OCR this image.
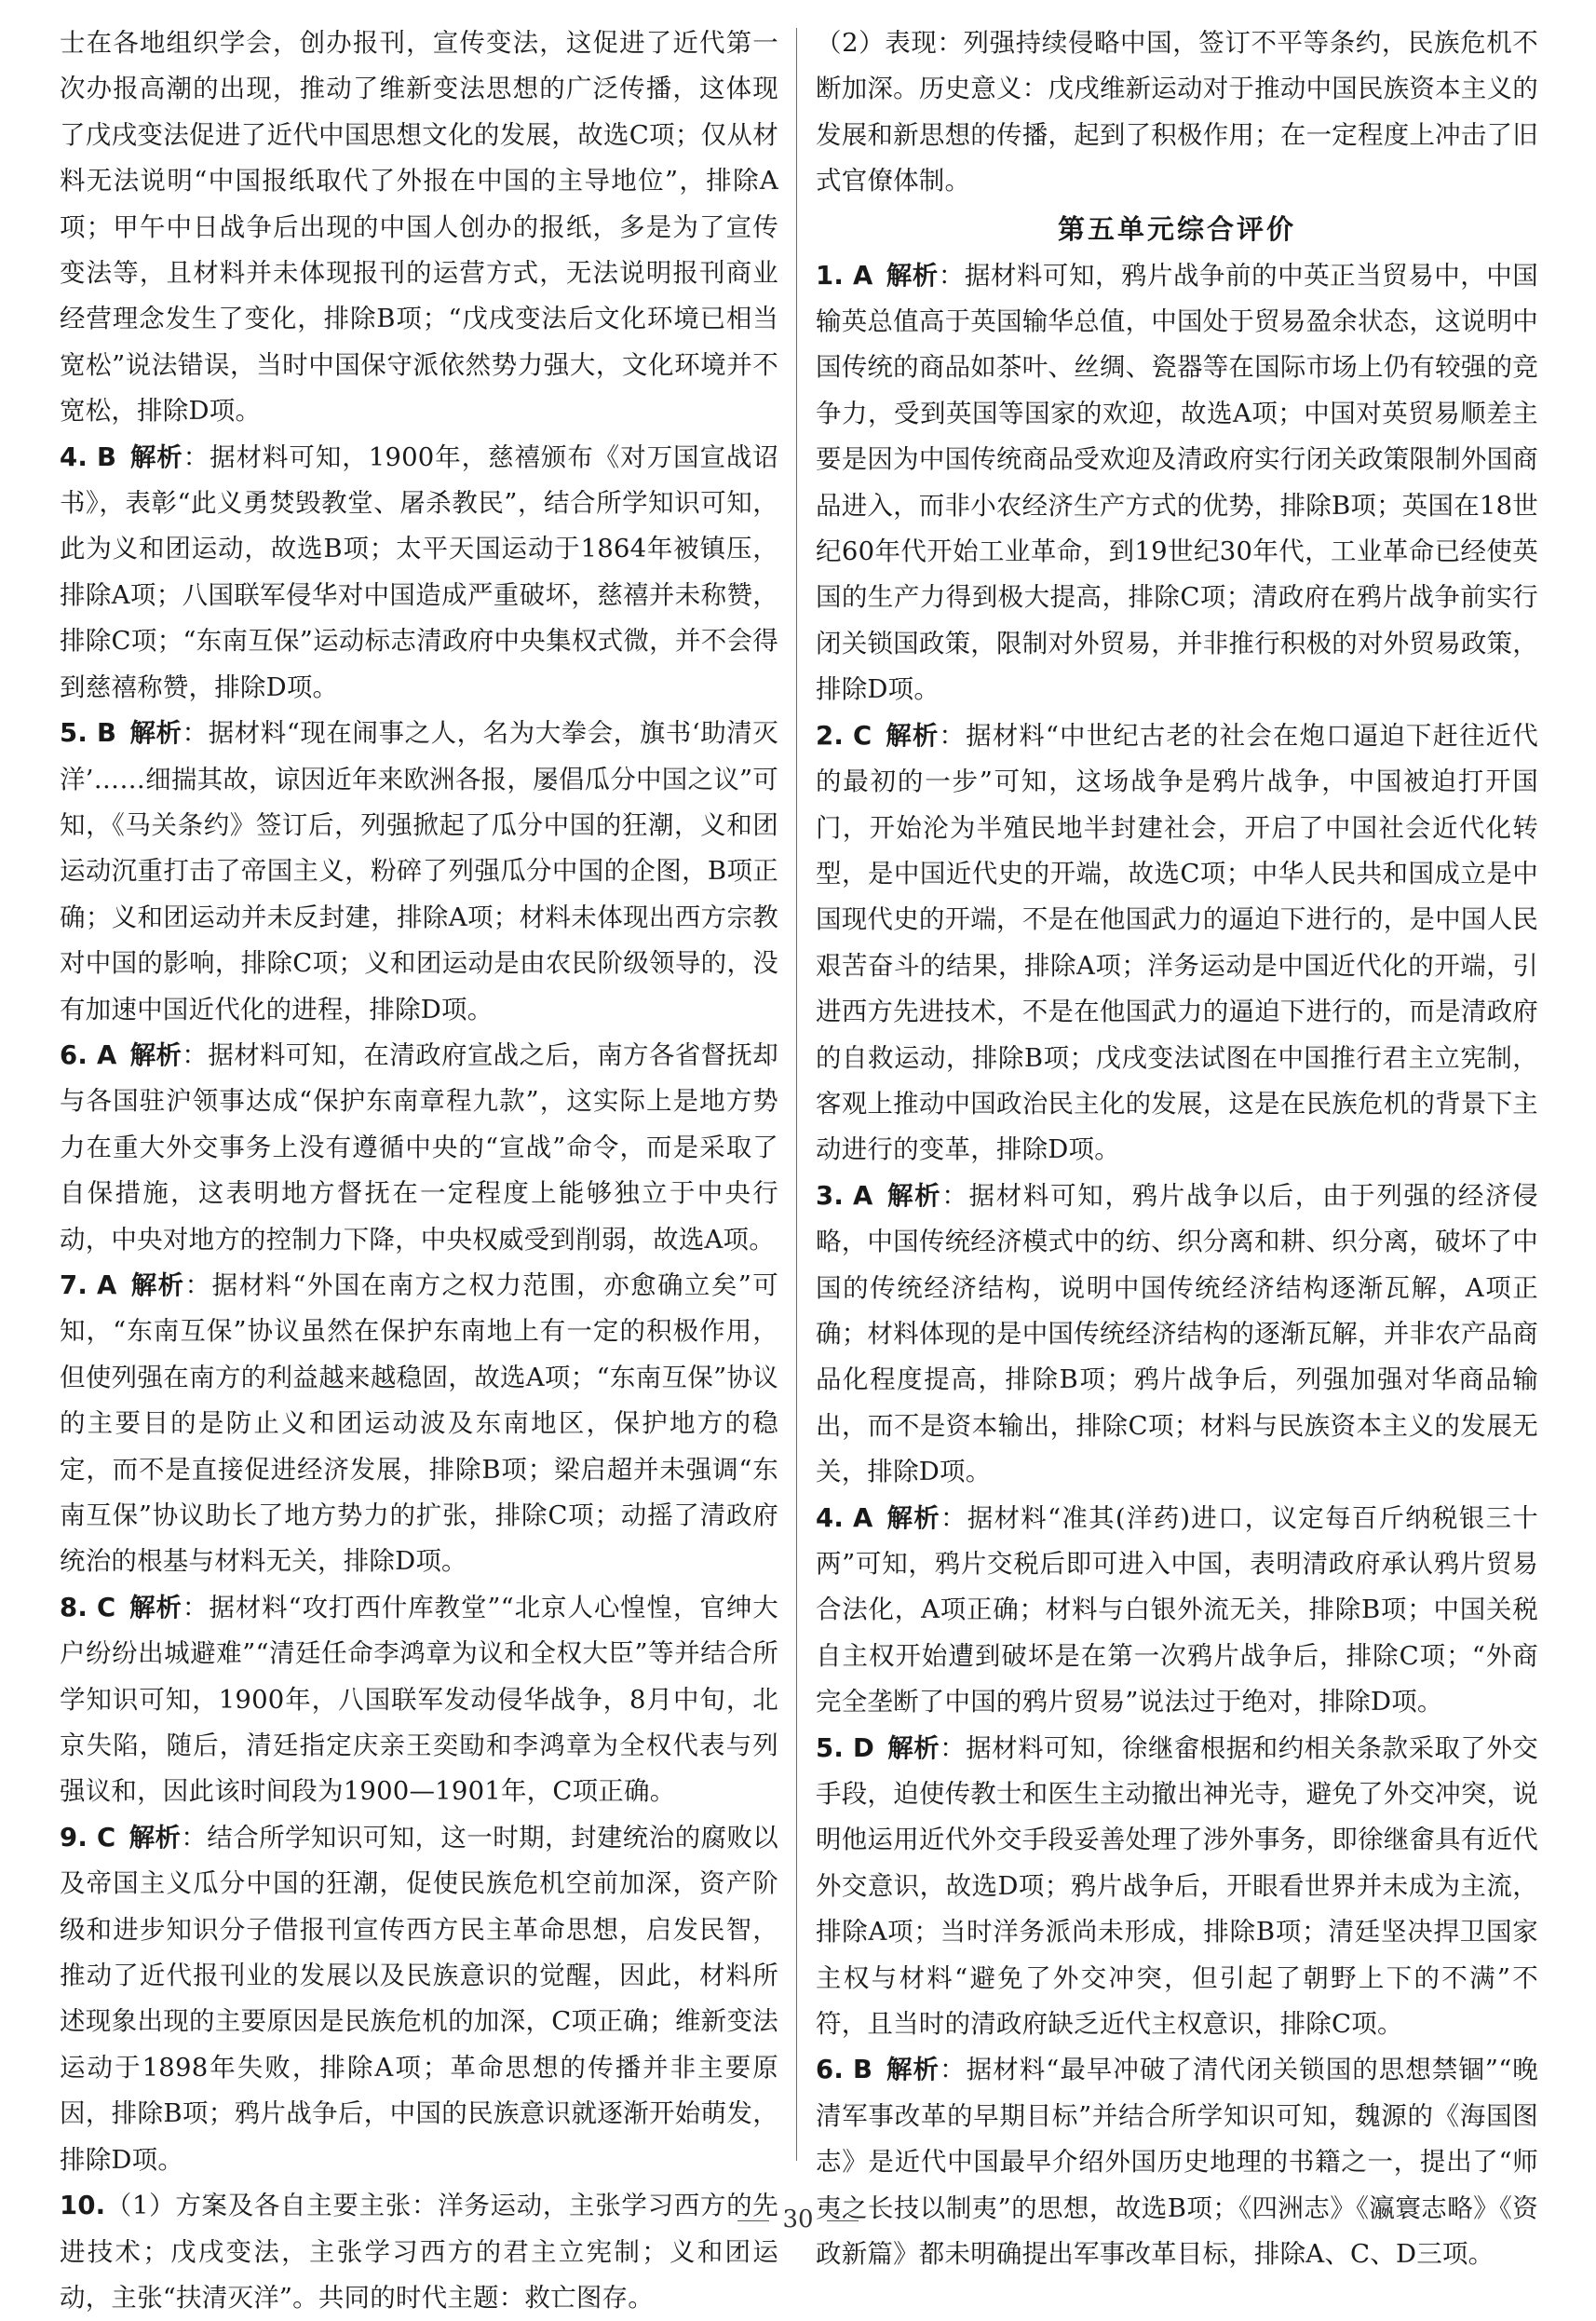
士在各地组织学会，创办报刊，宣传变法，这促进了近代第一次办报高潮的出现，推动了维新变法思想的广泛传播，这体现了戊戌变法促进了近代中国思想文化的发展，故选C项；仅从材料无法说明“中国报纸取代了外报在中国的主导地位”，排除A项；甲午中日战争后出现的中国人创办的报纸，多是为了宣传变法等，且材料并未体现报刊的运营方式，无法说明报刊商业经营理念发生了变化，排除B项；“戊戌变法后文化环境已相当宽松”说法错误，当时中国保守派依然势力强大，文化环境并不宽松，排除D项。

4. B 解析：据材料可知，1900年，慈禧颁布《对万国宣战诏书》，表彰“此义勇焚毁教堂、屠杀教民”，结合所学知识可知，此为义和团运动，故选B项；太平天国运动于1864年被镇压，排除A项；八国联军侵华对中国造成严重破坏，慈禧并未称赞，排除C项；“东南互保”运动标志清政府中央集权式微，并不会得到慈禧称赞，排除D项。

5. B 解析：据材料“现在闹事之人，名为大拳会，旗书‘助清灭洋’……细揣其故，谅因近年来欧洲各报，屡倡瓜分中国之议”可知，《马关条约》签订后，列强掀起了瓜分中国的狂潮，义和团运动沉重打击了帝国主义，粉碎了列强瓜分中国的企图，B项正确；义和团运动并未反封建，排除A项；材料未体现出西方宗教对中国的影响，排除C项；义和团运动是由农民阶级领导的，没有加速中国近代化的进程，排除D项。

6. A 解析：据材料可知，在清政府宣战之后，南方各省督抚却与各国驻沪领事达成“保护东南章程九款”，这实际上是地方势力在重大外交事务上没有遵循中央的“宣战”命令，而是采取了自保措施，这表明地方督抚在一定程度上能够独立于中央行动，中央对地方的控制力下降，中央权威受到削弱，故选A项。

7. A 解析：据材料“外国在南方之权力范围，亦愈确立矣”可知，“东南互保”协议虽然在保护东南地上有一定的积极作用，但使列强在南方的利益越来越稳固，故选A项；“东南互保”协议的主要目的是防止义和团运动波及东南地区，保护地方的稳定，而不是直接促进经济发展，排除B项；梁启超并未强调“东南互保”协议助长了地方势力的扩张，排除C项；动摇了清政府统治的根基与材料无关，排除D项。

8. C 解析：据材料“攻打西什库教堂”“北京人心惶惶，官绅大户纷纷出城避难”“清廷任命李鸿章为议和全权大臣”等并结合所学知识可知，1900年，八国联军发动侵华战争，8月中旬，北京失陷，随后，清廷指定庆亲王奕劻和李鸿章为全权代表与列强议和，因此该时间段为1900—1901年，C项正确。

9. C 解析：结合所学知识可知，这一时期，封建统治的腐败以及帝国主义瓜分中国的狂潮，促使民族危机空前加深，资产阶级和进步知识分子借报刊宣传西方民主革命思想，启发民智，推动了近代报刊业的发展以及民族意识的觉醒，因此，材料所述现象出现的主要原因是民族危机的加深，C项正确；维新变法运动于1898年失败，排除A项；革命思想的传播并非主要原因，排除B项；鸦片战争后，中国的民族意识就逐渐开始萌发，排除D项。

10.（1）方案及各自主要主张：洋务运动，主张学习西方的先进技术；戊戌变法，主张学习西方的君主立宪制；义和团运动，主张“扶清灭洋”。共同的时代主题：救亡图存。

（2）表现：列强持续侵略中国，签订不平等条约，民族危机不断加深。历史意义：戊戌维新运动对于推动中国民族资本主义的发展和新思想的传播，起到了积极作用；在一定程度上冲击了旧式官僚体制。

第五单元综合评价

1. A 解析：据材料可知，鸦片战争前的中英正当贸易中，中国输英总值高于英国输华总值，中国处于贸易盈余状态，这说明中国传统的商品如茶叶、丝绸、瓷器等在国际市场上仍有较强的竞争力，受到英国等国家的欢迎，故选A项；中国对英贸易顺差主要是因为中国传统商品受欢迎及清政府实行闭关政策限制外国商品进入，而非小农经济生产方式的优势，排除B项；英国在18世纪60年代开始工业革命，到19世纪30年代，工业革命已经使英国的生产力得到极大提高，排除C项；清政府在鸦片战争前实行闭关锁国政策，限制对外贸易，并非推行积极的对外贸易政策，排除D项。

2. C 解析：据材料“中世纪古老的社会在炮口逼迫下赶往近代的最初的一步”可知，这场战争是鸦片战争，中国被迫打开国门，开始沦为半殖民地半封建社会，开启了中国社会近代化转型，是中国近代史的开端，故选C项；中华人民共和国成立是中国现代史的开端，不是在他国武力的逼迫下进行的，是中国人民艰苦奋斗的结果，排除A项；洋务运动是中国近代化的开端，引进西方先进技术，不是在他国武力的逼迫下进行的，而是清政府的自救运动，排除B项；戊戌变法试图在中国推行君主立宪制，客观上推动中国政治民主化的发展，这是在民族危机的背景下主动进行的变革，排除D项。

3. A 解析：据材料可知，鸦片战争以后，由于列强的经济侵略，中国传统经济模式中的纺、织分离和耕、织分离，破坏了中国的传统经济结构，说明中国传统经济结构逐渐瓦解，A项正确；材料体现的是中国传统经济结构的逐渐瓦解，并非农产品商品化程度提高，排除B项；鸦片战争后，列强加强对华商品输出，而不是资本输出，排除C项；材料与民族资本主义的发展无关，排除D项。

4. A 解析：据材料“准其(洋药)进口，议定每百斤纳税银三十两”可知，鸦片交税后即可进入中国，表明清政府承认鸦片贸易合法化，A项正确；材料与白银外流无关，排除B项；中国关税自主权开始遭到破坏是在第一次鸦片战争后，排除C项；“外商完全垄断了中国的鸦片贸易”说法过于绝对，排除D项。

5. D 解析：据材料可知，徐继畲根据和约相关条款采取了外交手段，迫使传教士和医生主动撤出神光寺，避免了外交冲突，说明他运用近代外交手段妥善处理了涉外事务，即徐继畲具有近代外交意识，故选D项；鸦片战争后，开眼看世界并未成为主流，排除A项；当时洋务派尚未形成，排除B项；清廷坚决捍卫国家主权与材料“避免了外交冲突，但引起了朝野上下的不满”不符，且当时的清政府缺乏近代主权意识，排除C项。

6. B 解析：据材料“最早冲破了清代闭关锁国的思想禁锢”“晚清军事改革的早期目标”并结合所学知识可知，魏源的《海国图志》是近代中国最早介绍外国历史地理的书籍之一，提出了“师夷之长技以制夷”的思想，故选B项；《四洲志》《瀛寰志略》《资政新篇》都未明确提出军事改革目标，排除A、C、D三项。

30
